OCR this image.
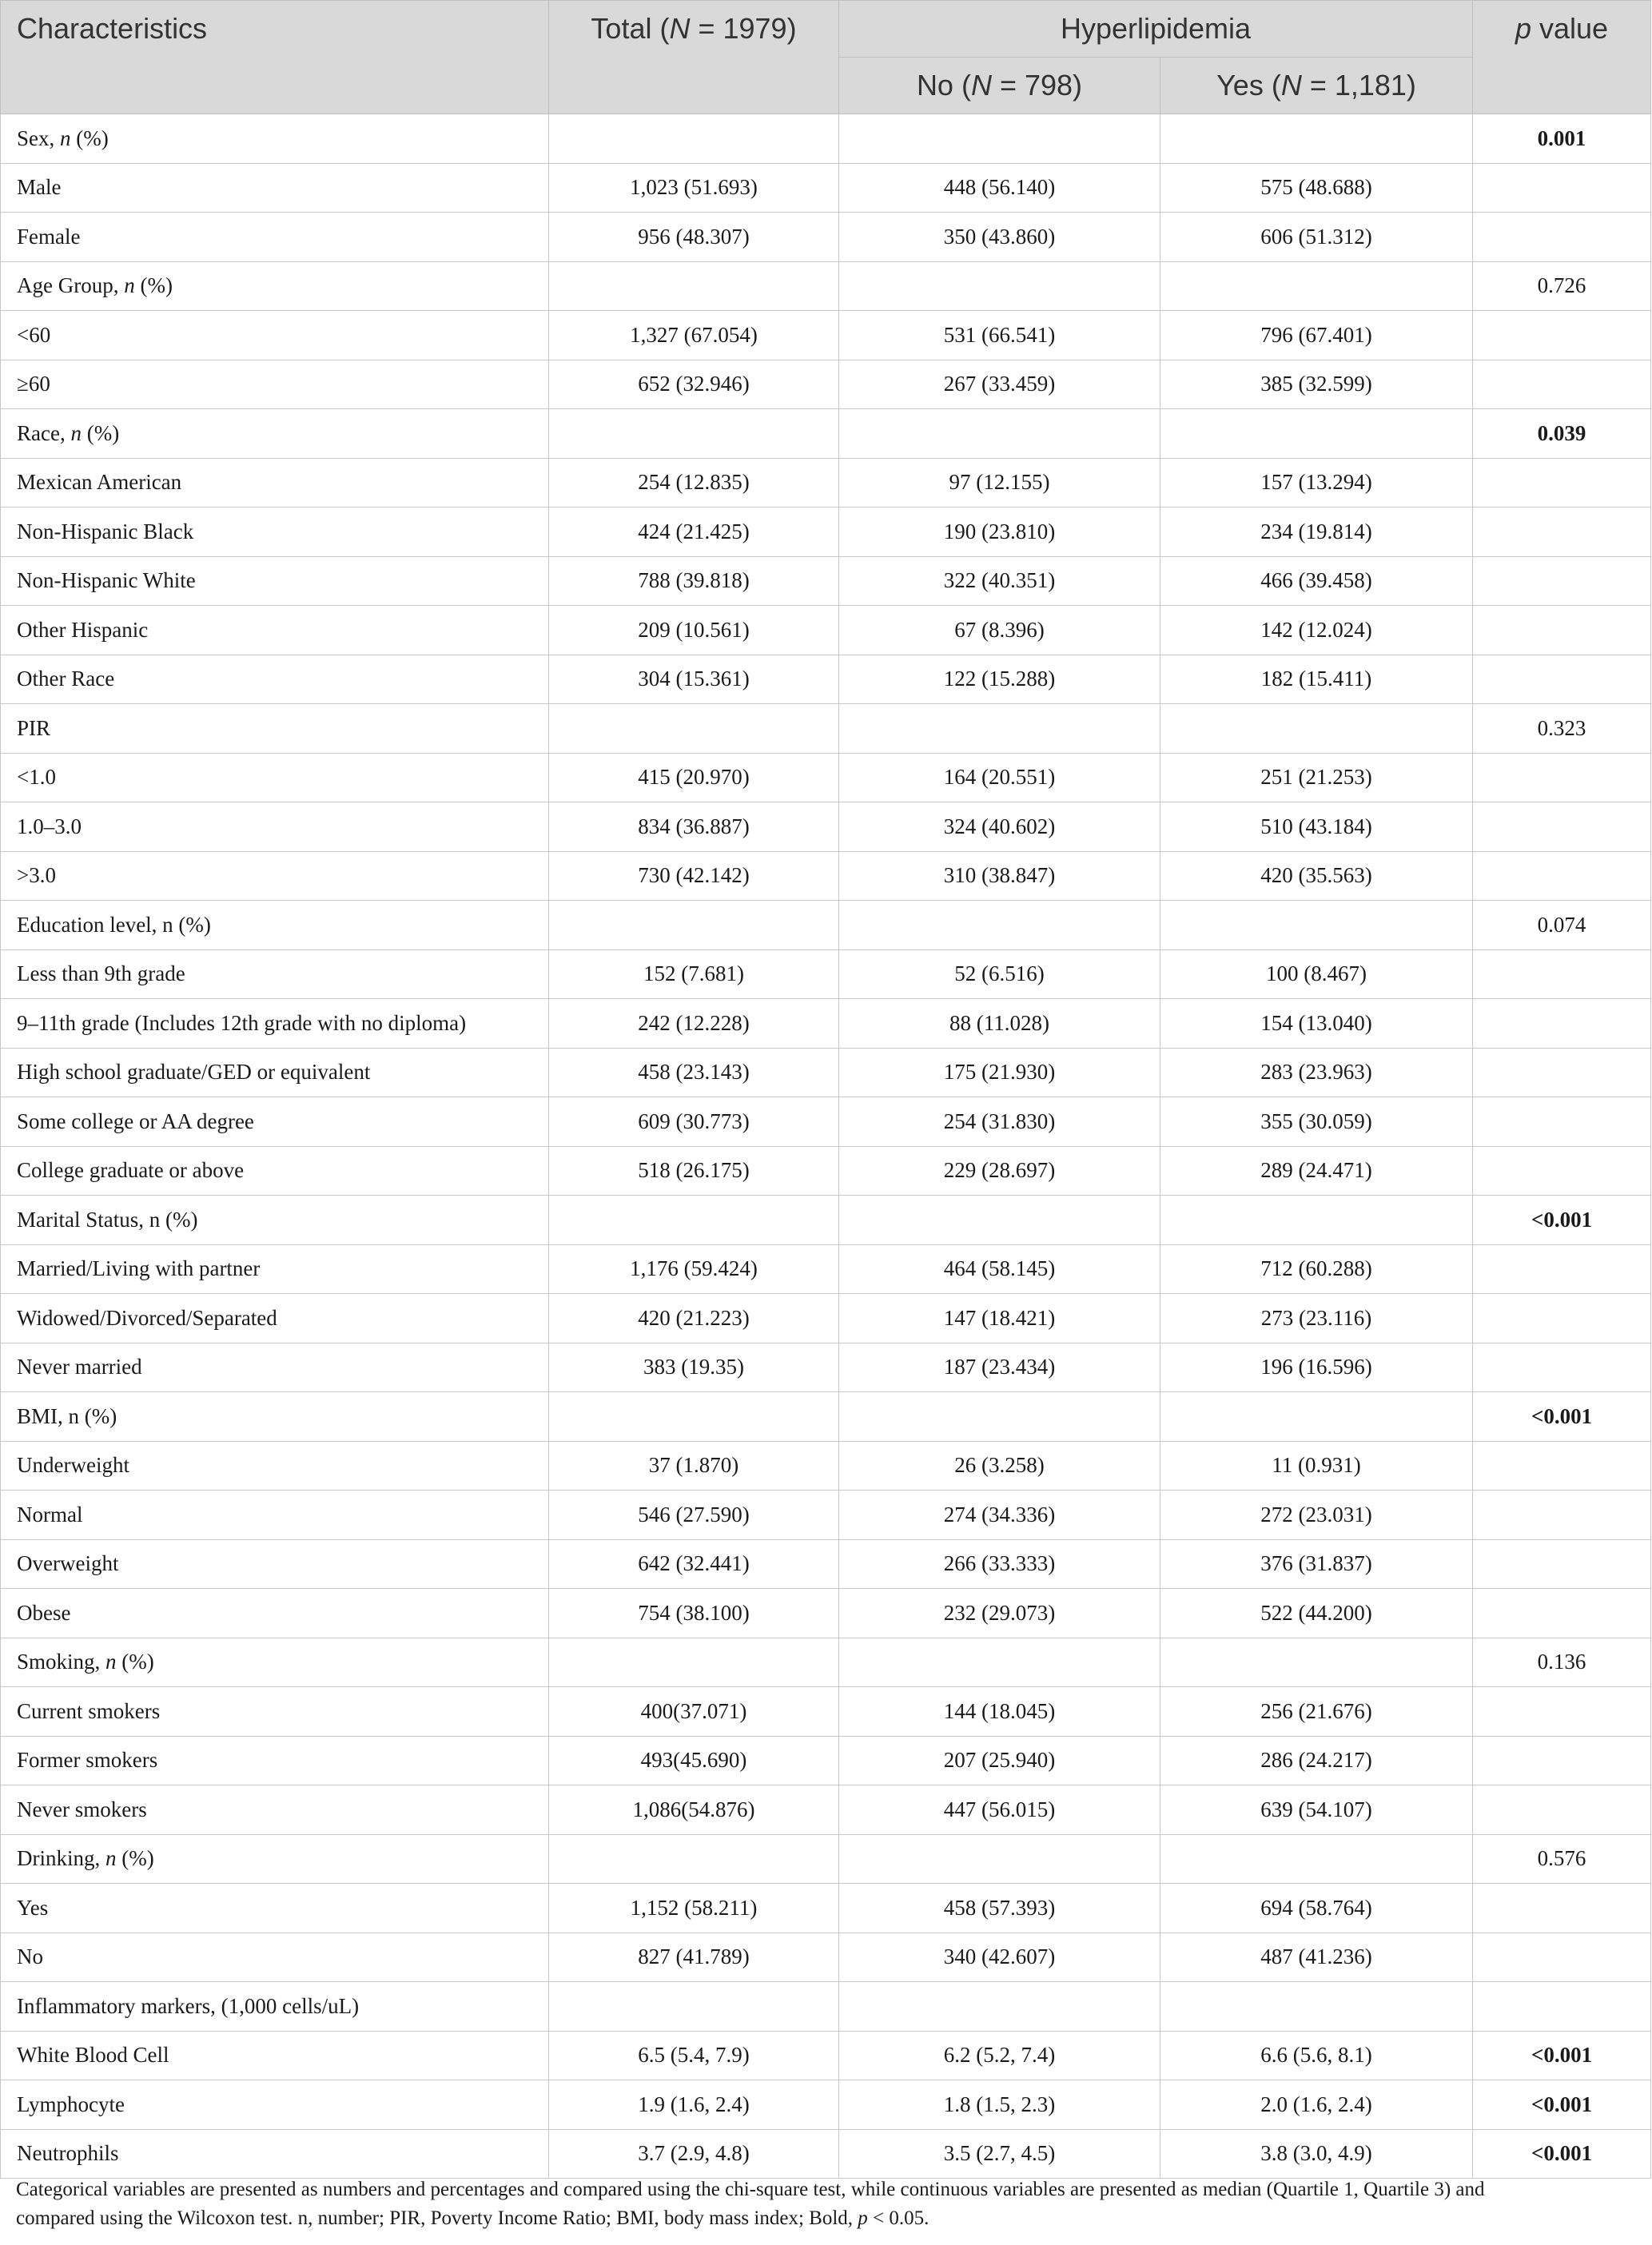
Characteristics	Total (N = 1979)	Hyperlipidemia		p value
		No (N = 798)	Yes (N = 1,181)	
Sex, n (%)				0.001
Male	1,023 (51.693)	448 (56.140)	575 (48.688)	
Female	956 (48.307)	350 (43.860)	606 (51.312)	
Age Group, n (%)				0.726
<60	1,327 (67.054)	531 (66.541)	796 (67.401)	
≥60	652 (32.946)	267 (33.459)	385 (32.599)	
Race, n (%)				0.039
Mexican American	254 (12.835)	97 (12.155)	157 (13.294)	
Non-Hispanic Black	424 (21.425)	190 (23.810)	234 (19.814)	
Non-Hispanic White	788 (39.818)	322 (40.351)	466 (39.458)	
Other Hispanic	209 (10.561)	67 (8.396)	142 (12.024)	
Other Race	304 (15.361)	122 (15.288)	182 (15.411)	
PIR				0.323
<1.0	415 (20.970)	164 (20.551)	251 (21.253)	
1.0–3.0	834 (36.887)	324 (40.602)	510 (43.184)	
>3.0	730 (42.142)	310 (38.847)	420 (35.563)	
Education level, n (%)				0.074
Less than 9th grade	152 (7.681)	52 (6.516)	100 (8.467)	
9–11th grade (Includes 12th grade with no diploma)	242 (12.228)	88 (11.028)	154 (13.040)	
High school graduate/GED or equivalent	458 (23.143)	175 (21.930)	283 (23.963)	
Some college or AA degree	609 (30.773)	254 (31.830)	355 (30.059)	
College graduate or above	518 (26.175)	229 (28.697)	289 (24.471)	
Marital Status, n (%)				<0.001
Married/Living with partner	1,176 (59.424)	464 (58.145)	712 (60.288)	
Widowed/Divorced/Separated	420 (21.223)	147 (18.421)	273 (23.116)	
Never married	383 (19.35)	187 (23.434)	196 (16.596)	
BMI, n (%)				<0.001
Underweight	37 (1.870)	26 (3.258)	11 (0.931)	
Normal	546 (27.590)	274 (34.336)	272 (23.031)	
Overweight	642 (32.441)	266 (33.333)	376 (31.837)	
Obese	754 (38.100)	232 (29.073)	522 (44.200)	
Smoking, n (%)				0.136
Current smokers	400(37.071)	144 (18.045)	256 (21.676)	
Former smokers	493(45.690)	207 (25.940)	286 (24.217)	
Never smokers	1,086(54.876)	447 (56.015)	639 (54.107)	
Drinking, n (%)				0.576
Yes	1,152 (58.211)	458 (57.393)	694 (58.764)	
No	827 (41.789)	340 (42.607)	487 (41.236)	
Inflammatory markers, (1,000 cells/uL)				
White Blood Cell	6.5 (5.4, 7.9)	6.2 (5.2, 7.4)	6.6 (5.6, 8.1)	<0.001
Lymphocyte	1.9 (1.6, 2.4)	1.8 (1.5, 2.3)	2.0 (1.6, 2.4)	<0.001
Neutrophils	3.7 (2.9, 4.8)	3.5 (2.7, 4.5)	3.8 (3.0, 4.9)	<0.001

Categorical variables are presented as numbers and percentages and compared using the chi-square test, while continuous variables are presented as median (Quartile 1, Quartile 3) and

compared using the Wilcoxon test. n, number; PIR, Poverty Income Ratio; BMI, body mass index; Bold, p < 0.05.
